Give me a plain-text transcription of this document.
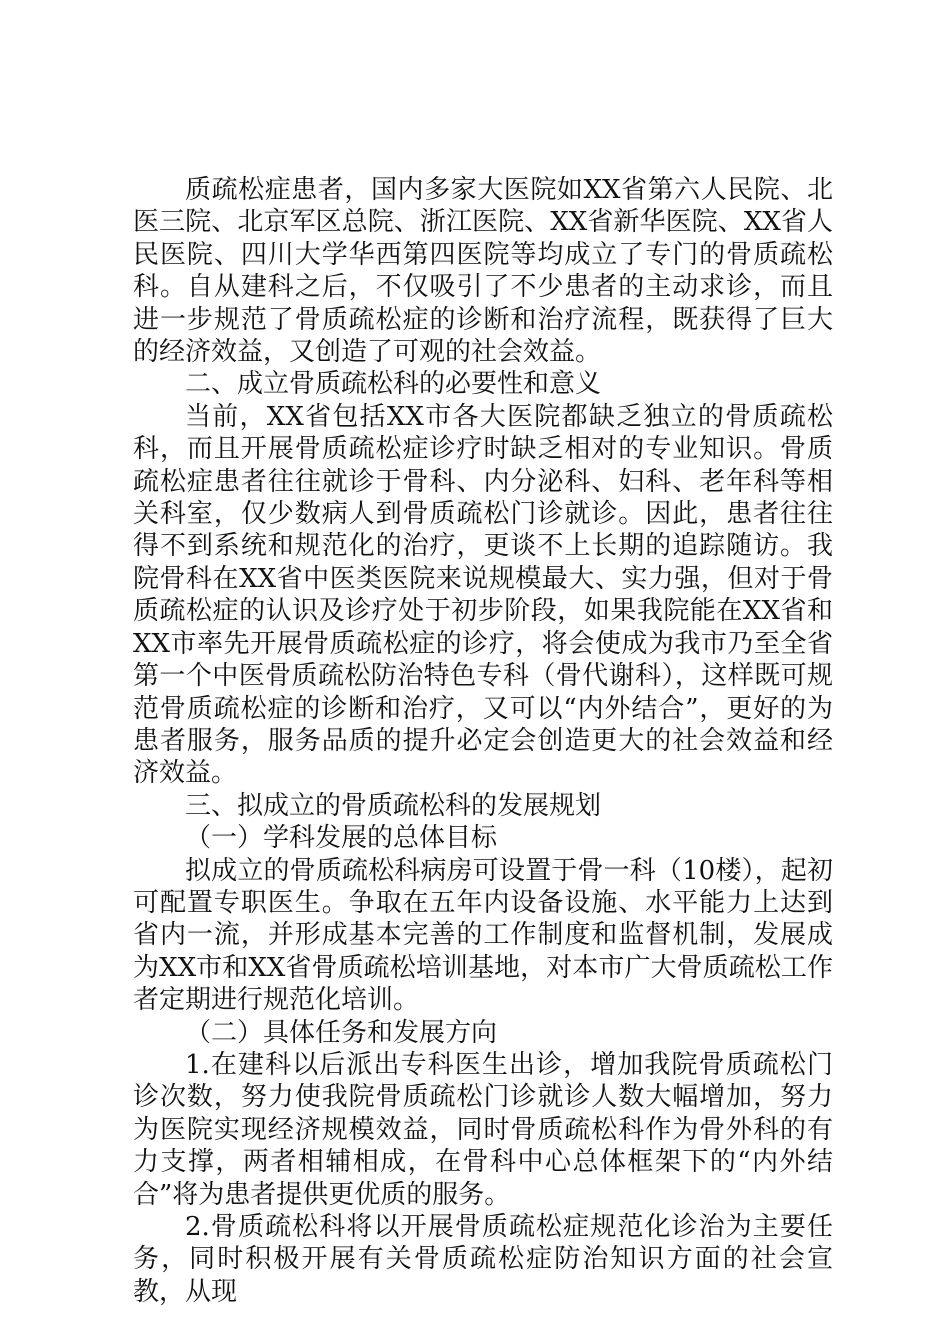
质疏松症患者，国内多家大医院如XX省第六人民院、北医三院、北京军区总院、浙江医院、XX省新华医院、XX省人民医院、四川大学华西第四医院等均成立了专门的骨质疏松科。自从建科之后，不仅吸引了不少患者的主动求诊，而且进一步规范了骨质疏松症的诊断和治疗流程，既获得了巨大的经济效益，又创造了可观的社会效益。

二、成立骨质疏松科的必要性和意义

当前，XX省包括XX市各大医院都缺乏独立的骨质疏松科，而且开展骨质疏松症诊疗时缺乏相对的专业知识。骨质疏松症患者往往就诊于骨科、内分泌科、妇科、老年科等相关科室，仅少数病人到骨质疏松门诊就诊。因此，患者往往得不到系统和规范化的治疗，更谈不上长期的追踪随访。我院骨科在XX省中医类医院来说规模最大、实力强，但对于骨质疏松症的认识及诊疗处于初步阶段，如果我院能在XX省和XX市率先开展骨质疏松症的诊疗，将会使成为我市乃至全省第一个中医骨质疏松防治特色专科（骨代谢科），这样既可规范骨质疏松症的诊断和治疗，又可以“内外结合”，更好的为患者服务，服务品质的提升必定会创造更大的社会效益和经济效益。

三、拟成立的骨质疏松科的发展规划

（一）学科发展的总体目标

拟成立的骨质疏松科病房可设置于骨一科（10楼），起初可配置专职医生。争取在五年内设备设施、水平能力上达到省内一流，并形成基本完善的工作制度和监督机制，发展成为XX市和XX省骨质疏松培训基地，对本市广大骨质疏松工作者定期进行规范化培训。

（二）具体任务和发展方向

1.在建科以后派出专科医生出诊，增加我院骨质疏松门诊次数，努力使我院骨质疏松门诊就诊人数大幅增加，努力为医院实现经济规模效益，同时骨质疏松科作为骨外科的有力支撑，两者相辅相成，在骨科中心总体框架下的“内外结合”将为患者提供更优质的服务。

2.骨质疏松科将以开展骨质疏松症规范化诊治为主要任务，同时积极开展有关骨质疏松症防治知识方面的社会宣教，从现
